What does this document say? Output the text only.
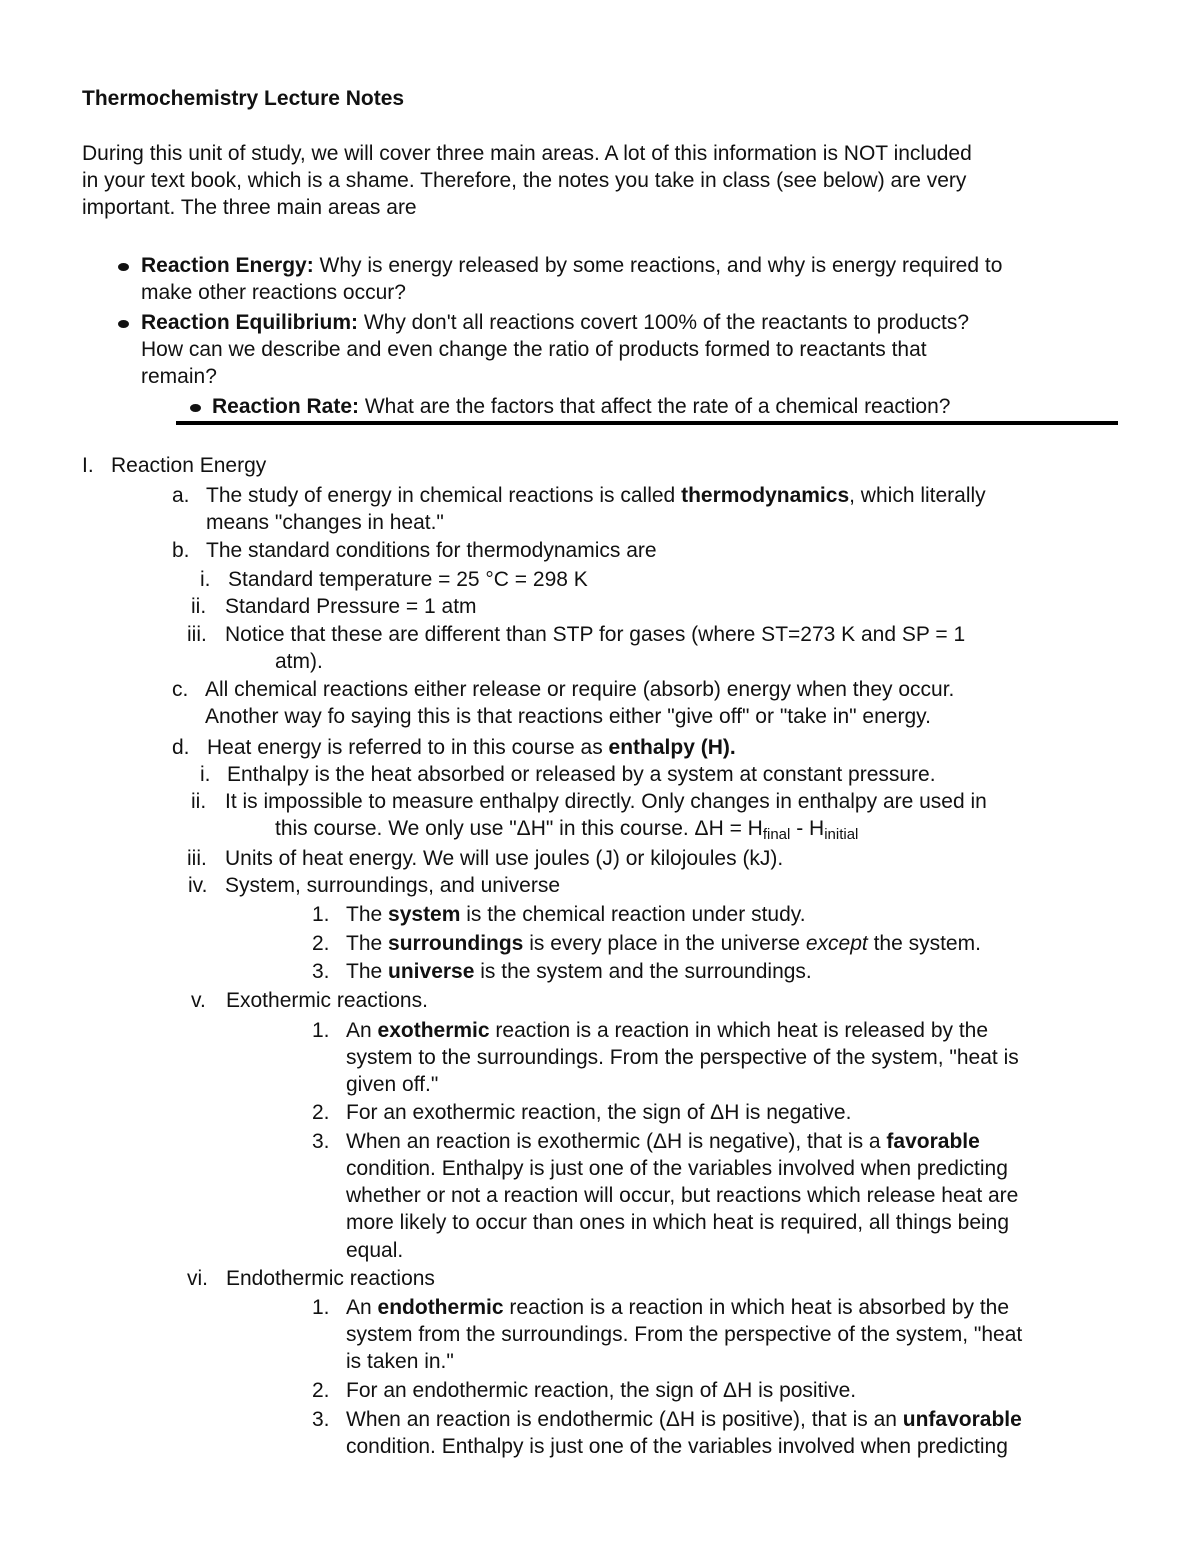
Thermochemistry Lecture Notes
During this unit of study, we will cover three main areas. A lot of this information is NOT included
in your text book, which is a shame. Therefore, the notes you take in class (see below) are very
important. The three main areas are
Reaction Energy: Why is energy released by some reactions, and why is energy required to
make other reactions occur?
Reaction Equilibrium: Why don't all reactions covert 100% of the reactants to products?
How can we describe and even change the ratio of products formed to reactants that
remain?
Reaction Rate: What are the factors that affect the rate of a chemical reaction?
I. Reaction Energy
a. The study of energy in chemical reactions is called thermodynamics, which literally
means "changes in heat."
b. The standard conditions for thermodynamics are
i. Standard temperature = 25 °C = 298 K
ii. Standard Pressure = 1 atm
iii. Notice that these are different than STP for gases (where ST=273 K and SP = 1
atm).
c. All chemical reactions either release or require (absorb) energy when they occur.
Another way fo saying this is that reactions either "give off" or "take in" energy.
d. Heat energy is referred to in this course as enthalpy (H).
i. Enthalpy is the heat absorbed or released by a system at constant pressure.
ii. It is impossible to measure enthalpy directly. Only changes in enthalpy are used in
this course. We only use "ΔH" in this course. $\Delta H = H_{final} - H_{initial}$
iii. Units of heat energy. We will use joules (J) or kilojoules (kJ).
iv. System, surroundings, and universe
1. The system is the chemical reaction under study.
2. The surroundings is every place in the universe except the system.
3. The universe is the system and the surroundings.
v. Exothermic reactions.
1. An exothermic reaction is a reaction in which heat is released by the
system to the surroundings. From the perspective of the system, "heat is
given off."
2. For an exothermic reaction, the sign of ΔH is negative.
3. When an reaction is exothermic (ΔH is negative), that is a favorable
condition. Enthalpy is just one of the variables involved when predicting
whether or not a reaction will occur, but reactions which release heat are
more likely to occur than ones in which heat is required, all things being
equal.
vi. Endothermic reactions
1. An endothermic reaction is a reaction in which heat is absorbed by the
system from the surroundings. From the perspective of the system, "heat
is taken in."
2. For an endothermic reaction, the sign of ΔH is positive.
3. When an reaction is endothermic (ΔH is positive), that is an unfavorable
condition. Enthalpy is just one of the variables involved when predicting
